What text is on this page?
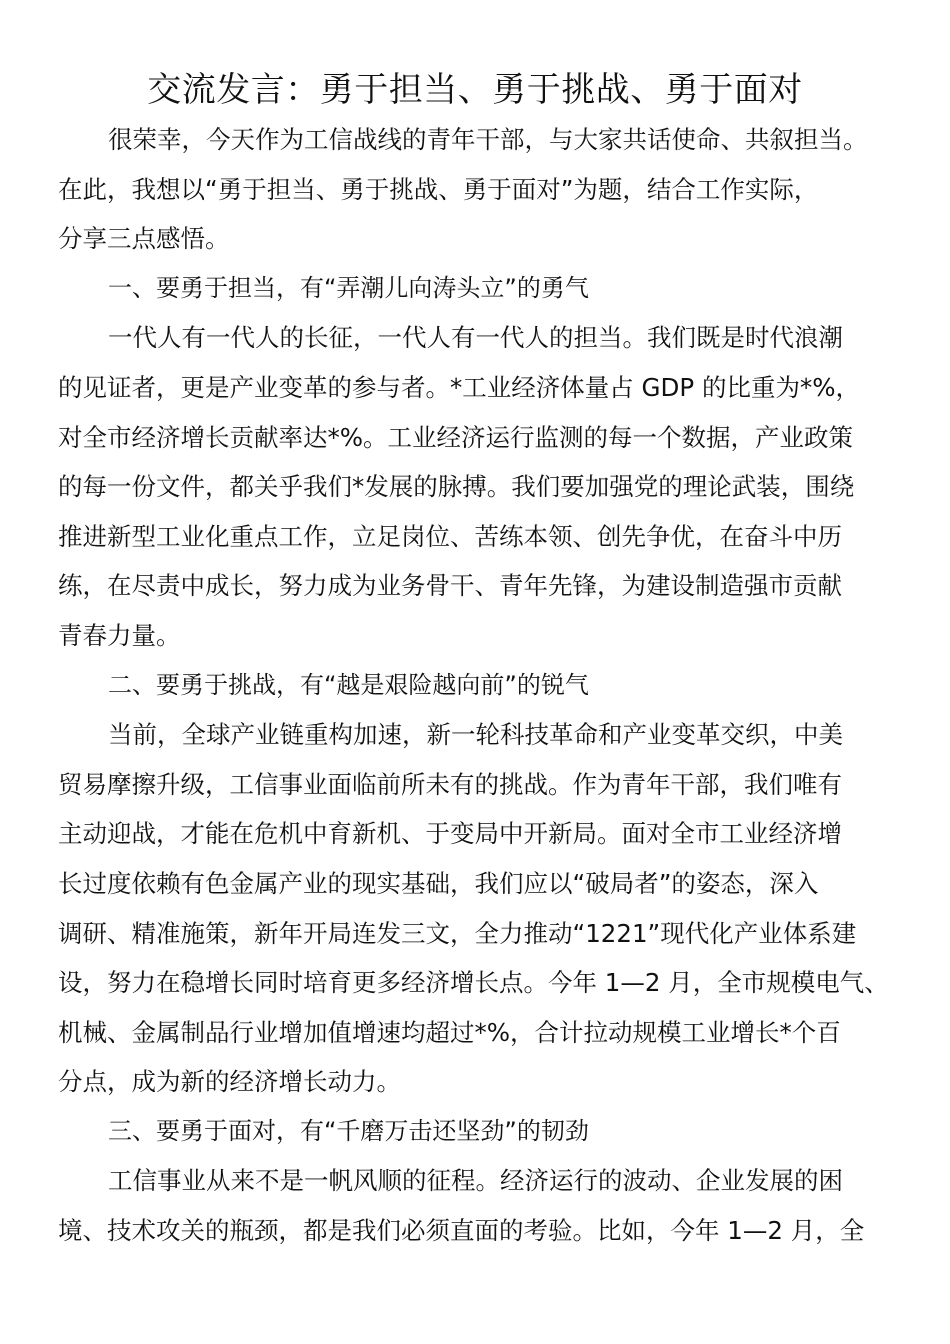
交流发言：勇于担当、勇于挑战、勇于面对
很荣幸，今天作为工信战线的青年干部，与大家共话使命、共叙担当。
在此，我想以“勇于担当、勇于挑战、勇于面对”为题，结合工作实际，
分享三点感悟。
一、要勇于担当，有“弄潮儿向涛头立”的勇气
一代人有一代人的长征，一代人有一代人的担当。我们既是时代浪潮
的见证者，更是产业变革的参与者。*工业经济体量占 GDP 的比重为*%，
对全市经济增长贡献率达*%。工业经济运行监测的每一个数据，产业政策
的每一份文件，都关乎我们*发展的脉搏。我们要加强党的理论武装，围绕
推进新型工业化重点工作，立足岗位、苦练本领、创先争优，在奋斗中历
练，在尽责中成长，努力成为业务骨干、青年先锋，为建设制造强市贡献
青春力量。
二、要勇于挑战，有“越是艰险越向前”的锐气
当前，全球产业链重构加速，新一轮科技革命和产业变革交织，中美
贸易摩擦升级，工信事业面临前所未有的挑战。作为青年干部，我们唯有
主动迎战，才能在危机中育新机、于变局中开新局。面对全市工业经济增
长过度依赖有色金属产业的现实基础，我们应以“破局者”的姿态，深入
调研、精准施策，新年开局连发三文，全力推动“1221”现代化产业体系建
设，努力在稳增长同时培育更多经济增长点。今年 1—2 月，全市规模电气、
机械、金属制品行业增加值增速均超过*%，合计拉动规模工业增长*个百
分点，成为新的经济增长动力。
三、要勇于面对，有“千磨万击还坚劲”的韧劲
工信事业从来不是一帆风顺的征程。经济运行的波动、企业发展的困
境、技术攻关的瓶颈，都是我们必须直面的考验。比如，今年 1—2 月，全
